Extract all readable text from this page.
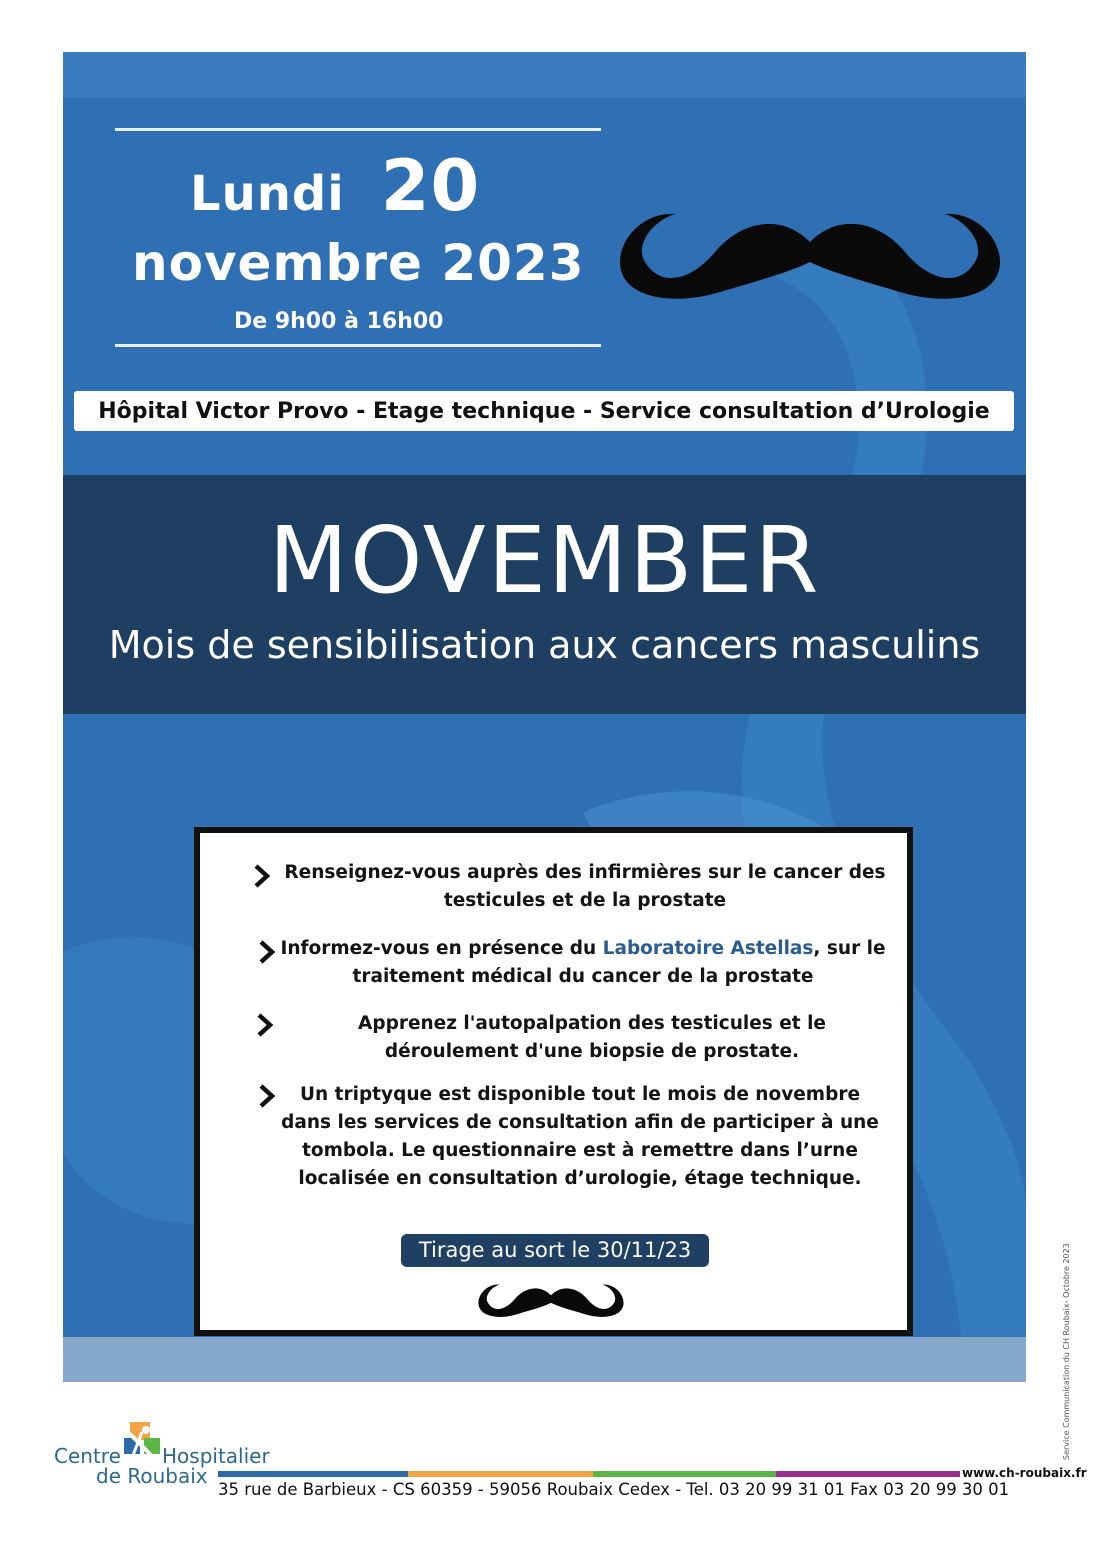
Lundi 20
novembre 2023
De 9h00 à 16h00
Hôpital Victor Provo - Etage technique - Service consultation d’Urologie
MOVEMBER
Mois de sensibilisation aux cancers masculins
Renseignez-vous auprès des infirmières sur le cancer des testicules et de la prostate
Informez-vous en présence du Laboratoire Astellas, sur le traitement médical du cancer de la prostate
Apprenez l'autopalpation des testicules et le déroulement d'une biopsie de prostate.
Un triptyque est disponible tout le mois de novembre dans les services de consultation afin de participer à une tombola. Le questionnaire est à remettre dans l’urne localisée en consultation d’urologie, étage technique.
Tirage au sort le 30/11/23	Service Communication du CH Roubaix- Octobre 2023
Centre Hospitalier
de Roubaix	www.ch-roubaix.fr
35 rue de Barbieux - CS 60359 - 59056 Roubaix Cedex - Tel. 03 20 99 31 01 Fax 03 20 99 30 01
